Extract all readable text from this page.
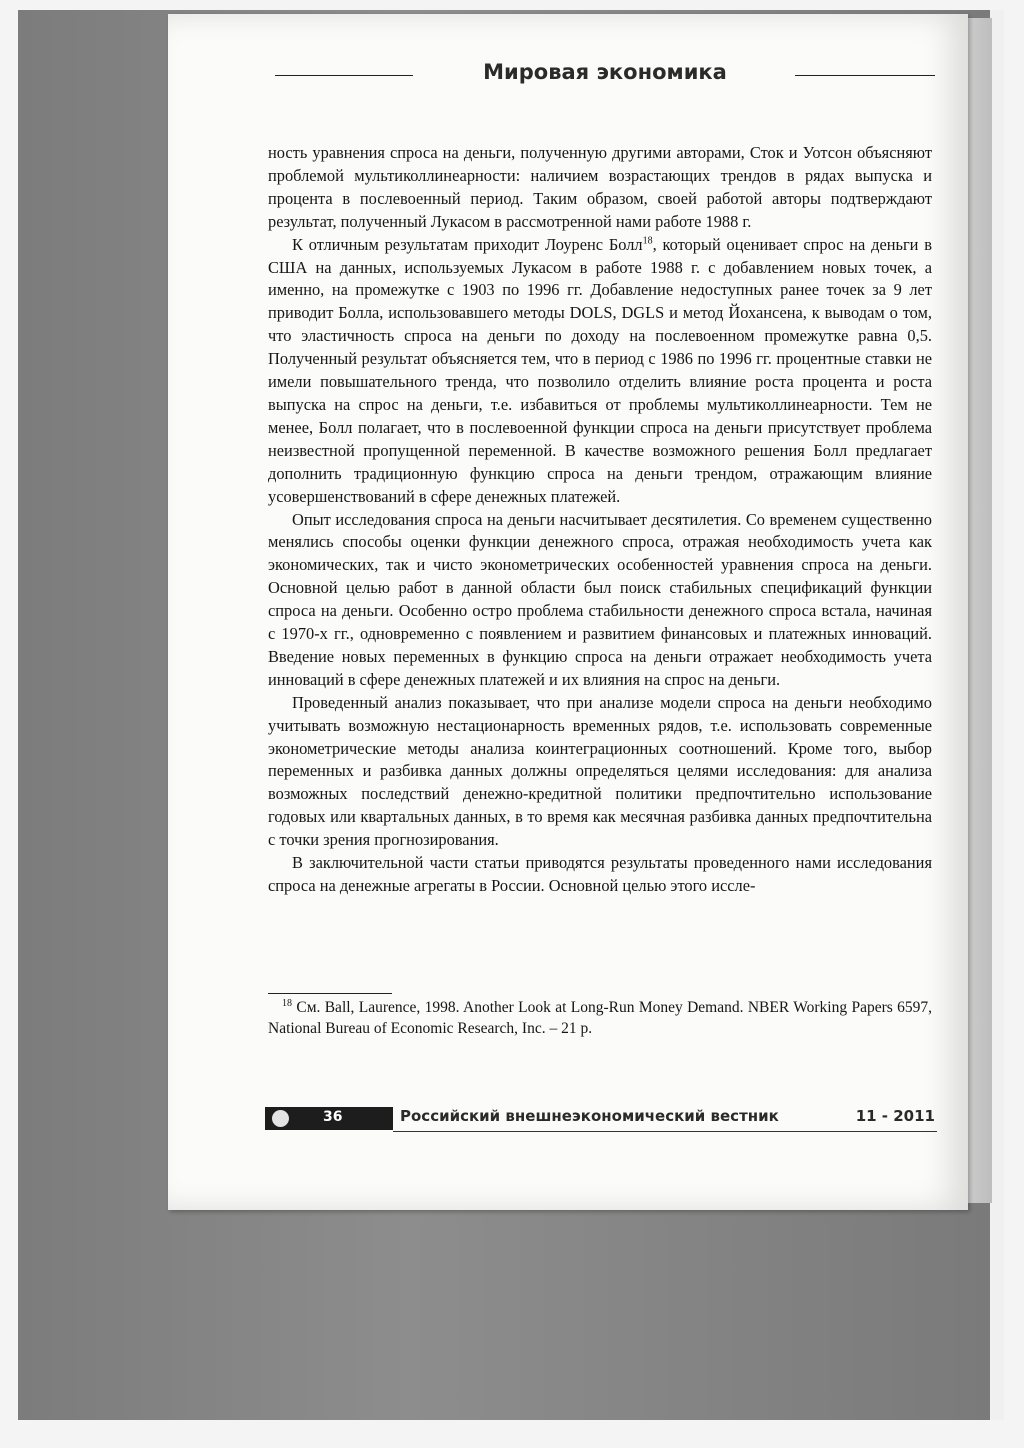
Мировая экономика

ность уравнения спроса на деньги, полученную другими авторами, Сток и Уотсон объясняют проблемой мультиколлинеарности: наличием возрастающих трендов в рядах выпуска и процента в послевоенный период. Таким образом, своей работой авторы подтверждают результат, полученный Лукасом в рассмотренной нами работе 1988 г.

К отличным результатам приходит Лоуренс Болл$^{18}$, который оценивает спрос на деньги в США на данных, используемых Лукасом в работе 1988 г. с добавлением новых точек, а именно, на промежутке с 1903 по 1996 гг. Добавление недоступных ранее точек за 9 лет приводит Болла, использовавшего методы DOLS, DGLS и метод Йохансена, к выводам о том, что эластичность спроса на деньги по доходу на послевоенном промежутке равна 0,5. Полученный результат объясняется тем, что в период с 1986 по 1996 гг. процентные ставки не имели повышательного тренда, что позволило отделить влияние роста процента и роста выпуска на спрос на деньги, т.е. избавиться от проблемы мультиколлинеарности. Тем не менее, Болл полагает, что в послевоенной функции спроса на деньги присутствует проблема неизвестной пропущенной переменной. В качестве возможного решения Болл предлагает дополнить традиционную функцию спроса на деньги трендом, отражающим влияние усовершенствований в сфере денежных платежей.

Опыт исследования спроса на деньги насчитывает десятилетия. Со временем существенно менялись способы оценки функции денежного спроса, отражая необходимость учета как экономических, так и чисто эконометрических особенностей уравнения спроса на деньги. Основной целью работ в данной области был поиск стабильных спецификаций функции спроса на деньги. Особенно остро проблема стабильности денежного спроса встала, начиная с 1970-х гг., одновременно с появлением и развитием финансовых и платежных инноваций. Введение новых переменных в функцию спроса на деньги отражает необходимость учета инноваций в сфере денежных платежей и их влияния на спрос на деньги.

Проведенный анализ показывает, что при анализе модели спроса на деньги необходимо учитывать возможную нестационарность временных рядов, т.е. использовать современные эконометрические методы анализа коинтеграционных соотношений. Кроме того, выбор переменных и разбивка данных должны определяться целями исследования: для анализа возможных последствий денежно-кредитной политики предпочтительно использование годовых или квартальных данных, в то время как месячная разбивка данных предпочтительна с точки зрения прогнозирования.

В заключительной части статьи приводятся результаты проведенного нами исследования спроса на денежные агрегаты в России. Основной целью этого иссле-

$^{18}$ См. Ball, Laurence, 1998. Another Look at Long-Run Money Demand. NBER Working Papers 6597, National Bureau of Economic Research, Inc. – 21 p.
36	Российский внешнеэкономический вестник	11 - 2011
